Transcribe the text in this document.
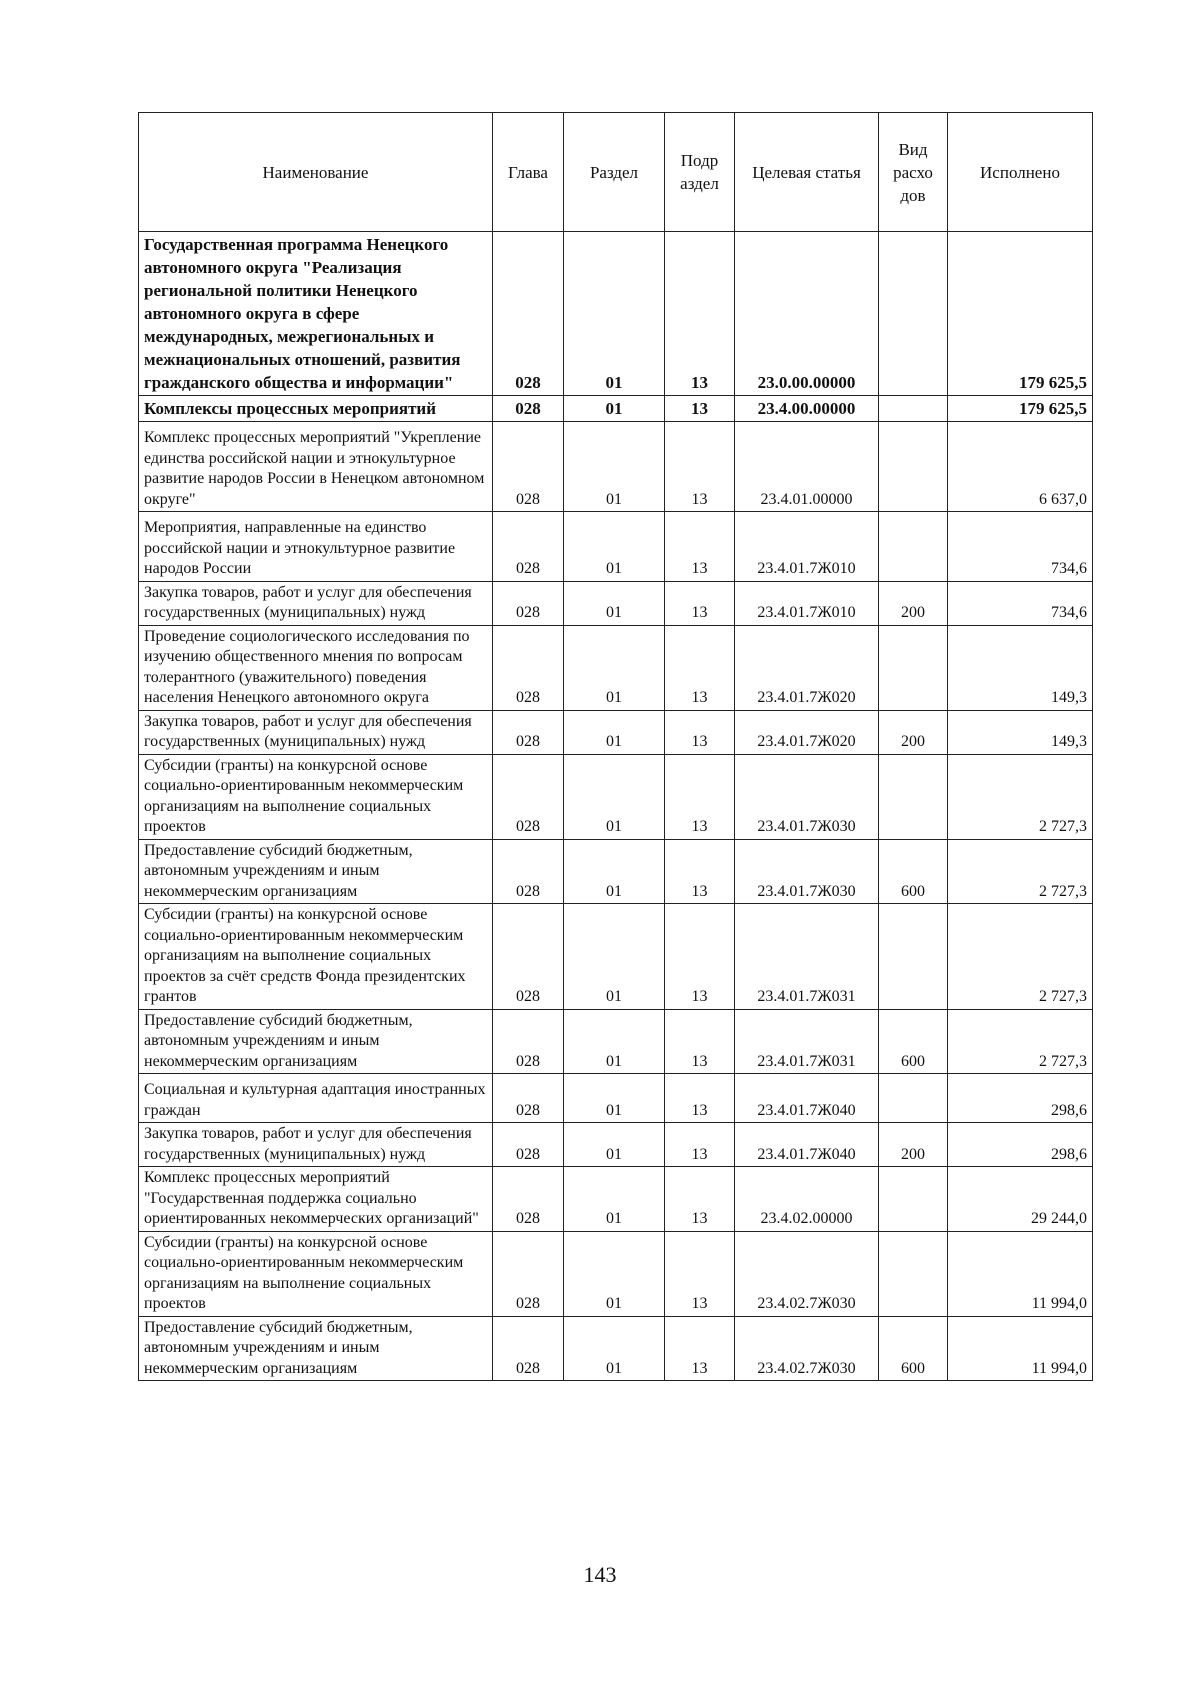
Наименование	Глава	Раздел	Подр аздел	Целевая статья	Вид расхо дов	Исполнено
Государственная программа Ненецкого автономного округа "Реализация региональной политики Ненецкого автономного округа в сфере международных, межрегиональных и межнациональных отношений, развития гражданского общества и информации"	028	01	13	23.0.00.00000		179 625,5
Комплексы процессных мероприятий	028	01	13	23.4.00.00000		179 625,5
Комплекс процессных мероприятий "Укрепление единства российской нации и этнокультурное развитие народов России в Ненецком автономном округе"	028	01	13	23.4.01.00000		6 637,0
Мероприятия, направленные на единство российской нации и этнокультурное развитие народов России	028	01	13	23.4.01.7Ж010		734,6
Закупка товаров, работ и услуг для обеспечения государственных (муниципальных) нужд	028	01	13	23.4.01.7Ж010	200	734,6
Проведение социологического исследования по изучению общественного мнения по вопросам толерантного (уважительного) поведения населения Ненецкого автономного округа	028	01	13	23.4.01.7Ж020		149,3
Закупка товаров, работ и услуг для обеспечения государственных (муниципальных) нужд	028	01	13	23.4.01.7Ж020	200	149,3
Субсидии (гранты) на конкурсной основе социально-ориентированным некоммерческим организациям на выполнение социальных проектов	028	01	13	23.4.01.7Ж030		2 727,3
Предоставление субсидий бюджетным, автономным учреждениям и иным некоммерческим организациям	028	01	13	23.4.01.7Ж030	600	2 727,3
Субсидии (гранты) на конкурсной основе социально-ориентированным некоммерческим организациям на выполнение социальных проектов за счёт средств Фонда президентских грантов	028	01	13	23.4.01.7Ж031		2 727,3
Предоставление субсидий бюджетным, автономным учреждениям и иным некоммерческим организациям	028	01	13	23.4.01.7Ж031	600	2 727,3
Социальная и культурная адаптация иностранных граждан	028	01	13	23.4.01.7Ж040		298,6
Закупка товаров, работ и услуг для обеспечения государственных (муниципальных) нужд	028	01	13	23.4.01.7Ж040	200	298,6
Комплекс процессных мероприятий "Государственная поддержка социально ориентированных некоммерческих организаций"	028	01	13	23.4.02.00000		29 244,0
Субсидии (гранты) на конкурсной основе социально-ориентированным некоммерческим организациям на выполнение социальных проектов	028	01	13	23.4.02.7Ж030		11 994,0
Предоставление субсидий бюджетным, автономным учреждениям и иным некоммерческим организациям	028	01	13	23.4.02.7Ж030	600	11 994,0
143
